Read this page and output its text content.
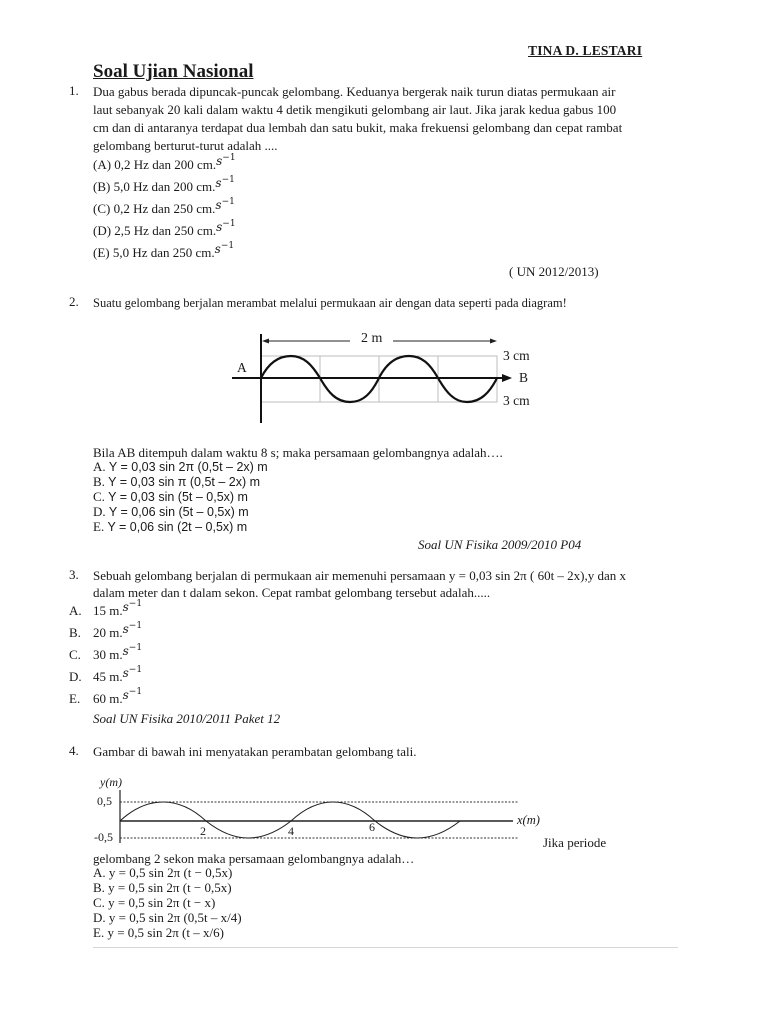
TINA D. LESTARI
Soal Ujian Nasional
1. Dua gabus berada dipuncak-puncak gelombang. Keduanya bergerak naik turun diatas permukaan air
laut sebanyak 20 kali dalam waktu 4 detik mengikuti gelombang air laut. Jika jarak kedua gabus 100
cm dan di antaranya terdapat dua lembah dan satu bukit, maka frekuensi gelombang dan cepat rambat
gelombang berturut-turut adalah ....
(A) 0,2 Hz dan 200 $cm.s^{-1}$
(B) 5,0 Hz dan 200 $cm.s^{-1}$
(C) 0,2 Hz dan 250 $cm.s^{-1}$
(D) 2,5 Hz dan 250 $cm.s^{-1}$
(E) 5,0 Hz dan 250 $cm.s^{-1}$
( UN 2012/2013)
2. Suatu gelombang berjalan merambat melalui permukaan air dengan data seperti pada diagram!
2 m
3 cm
3 cm
A
B
Bila AB ditempuh dalam waktu 8 s; maka persamaan gelombangnya adalah….
A. Y = 0,03 sin 2π (0,5t – 2x) m
B. Y = 0,03 sin π (0,5t – 2x) m
C. Y = 0,03 sin (5t – 0,5x) m
D. Y = 0,06 sin (5t – 0,5x) m
E. Y = 0,06 sin (2t – 0,5x) m
Soal UN Fisika 2009/2010 P04
3. Sebuah gelombang berjalan di permukaan air memenuhi persamaan y = 0,03 sin 2π ( 60t – 2x),y dan x
dalam meter dan t dalam sekon. Cepat rambat gelombang tersebut adalah.....
A. 15 $m.s^{-1}$
B. 20 $m.s^{-1}$
C. 30 $m.s^{-1}$
D. 45 $m.s^{-1}$
E. 60 $m.s^{-1}$
Soal UN Fisika 2010/2011 Paket 12
4. Gambar di bawah ini menyatakan perambatan gelombang tali.
y(m)
0,5
-0,5
x(m)
2	4	6
Jika periode
gelombang 2 sekon maka persamaan gelombangnya adalah…
A. y = 0,5 sin 2π (t − 0,5x)
B. y = 0,5 sin 2π (t − 0,5x)
C. y = 0,5 sin 2π (t − x)
D. y = 0,5 sin 2π (0,5t – x/4)
E. y = 0,5 sin 2π (t – x/6)
